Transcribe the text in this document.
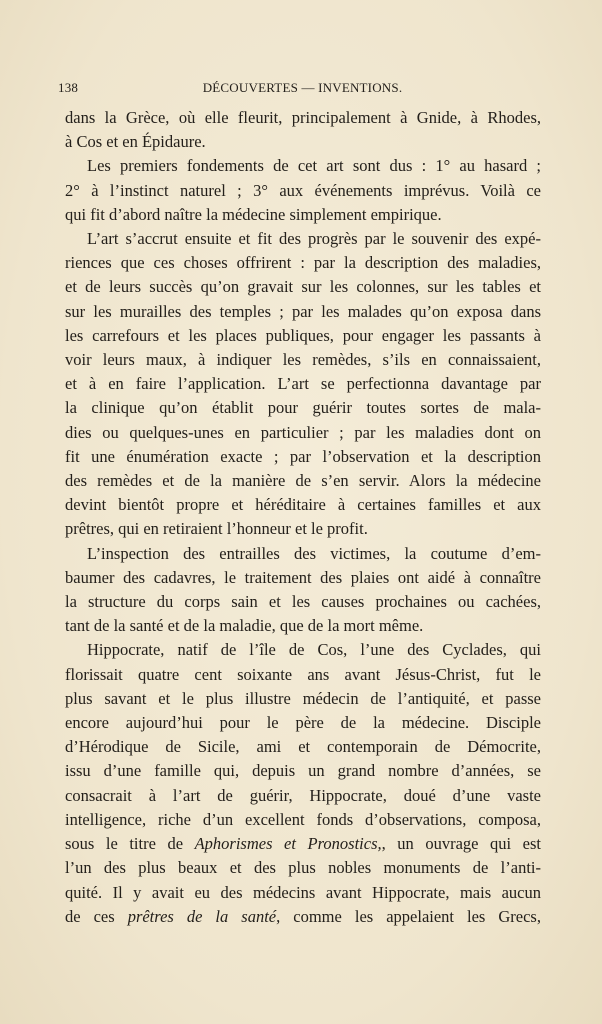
138	DÉCOUVERTES — INVENTIONS.

dans la Grèce, où elle fleurit, principalement à Gnide, à Rhodes,
à Cos et en Épidaure.

Les premiers fondements de cet art sont dus : 1° au hasard ;
2° à l’instinct naturel ; 3° aux événements imprévus. Voilà ce
qui fit d’abord naître la médecine simplement empirique.

L’art s’accrut ensuite et fit des progrès par le souvenir des expé-
riences que ces choses offrirent : par la description des maladies,
et de leurs succès qu’on gravait sur les colonnes, sur les tables et
sur les murailles des temples ; par les malades qu’on exposa dans
les carrefours et les places publiques, pour engager les passants à
voir leurs maux, à indiquer les remèdes, s’ils en connaissaient,
et à en faire l’application. L’art se perfectionna davantage par
la clinique qu’on établit pour guérir toutes sortes de mala-
dies ou quelques-unes en particulier ; par les maladies dont on
fit une énumération exacte ; par l’observation et la description
des remèdes et de la manière de s’en servir. Alors la médecine
devint bientôt propre et héréditaire à certaines familles et aux
prêtres, qui en retiraient l’honneur et le profit.

L’inspection des entrailles des victimes, la coutume d’em-
baumer des cadavres, le traitement des plaies ont aidé à connaître
la structure du corps sain et les causes prochaines ou cachées,
tant de la santé et de la maladie, que de la mort même.

Hippocrate, natif de l’île de Cos, l’une des Cyclades, qui
florissait quatre cent soixante ans avant Jésus-Christ, fut le
plus savant et le plus illustre médecin de l’antiquité, et passe
encore aujourd’hui pour le père de la médecine. Disciple
d’Hérodique de Sicile, ami et contemporain de Démocrite,
issu d’une famille qui, depuis un grand nombre d’années, se
consacrait à l’art de guérir, Hippocrate, doué d’une vaste
intelligence, riche d’un excellent fonds d’observations, composa,
sous le titre de Aphorismes et Pronostics,, un ouvrage qui est
l’un des plus beaux et des plus nobles monuments de l’anti-
quité. Il y avait eu des médecins avant Hippocrate, mais aucun
de ces prêtres de la santé, comme les appelaient les Grecs,
